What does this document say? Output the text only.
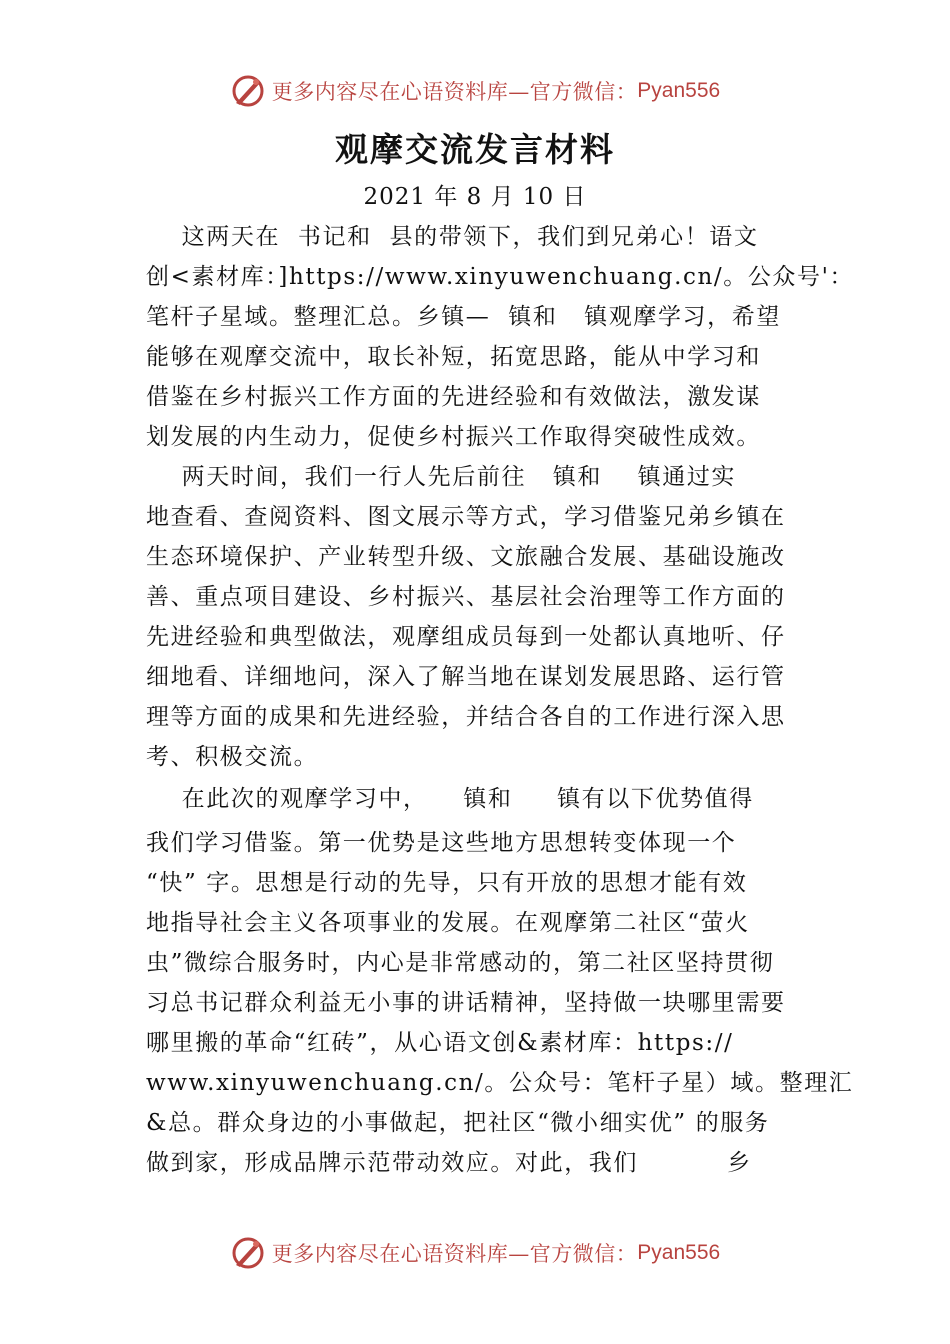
更多内容尽在心语资料库—官方微信： Pyan556
观摩交流发言材料
2021 年 8 月 10 日
这两天在  书记和  县的带领下，我们到兄弟心！语文
创<素材库：]https://www.xinyuwenchuang.cn/。公众号'：
笔杆子星域。整理汇总。乡镇—  镇和   镇观摩学习，希望
能够在观摩交流中，取长补短，拓宽思路，能从中学习和
借鉴在乡村振兴工作方面的先进经验和有效做法，激发谋
划发展的内生动力，促使乡村振兴工作取得突破性成效。
两天时间，我们一行人先后前往   镇和    镇通过实
地查看、查阅资料、图文展示等方式，学习借鉴兄弟乡镇在
生态环境保护、产业转型升级、文旅融合发展、基础设施改
善、重点项目建设、乡村振兴、基层社会治理等工作方面的
先进经验和典型做法，观摩组成员每到一处都认真地听、仔
细地看、详细地问，深入了解当地在谋划发展思路、运行管
理等方面的成果和先进经验，并结合各自的工作进行深入思
考、积极交流。
在此次的观摩学习中，    镇和     镇有以下优势值得
我们学习借鉴。第一优势是这些地方思想转变体现一个
“快” 字。思想是行动的先导，只有开放的思想才能有效
地指导社会主义各项事业的发展。在观摩第二社区“萤火
虫”微综合服务时，内心是非常感动的，第二社区坚持贯彻
习总书记群众利益无小事的讲话精神，坚持做一块哪里需要
哪里搬的革命“红砖”，从心语文创&素材库：https://
www.xinyuwenchuang.cn/。公众号：笔杆子星）域。整理汇
&总。群众身边的小事做起，把社区“微小细实优” 的服务
做到家，形成品牌示范带动效应。对此，我们          乡
更多内容尽在心语资料库—官方微信： Pyan556
